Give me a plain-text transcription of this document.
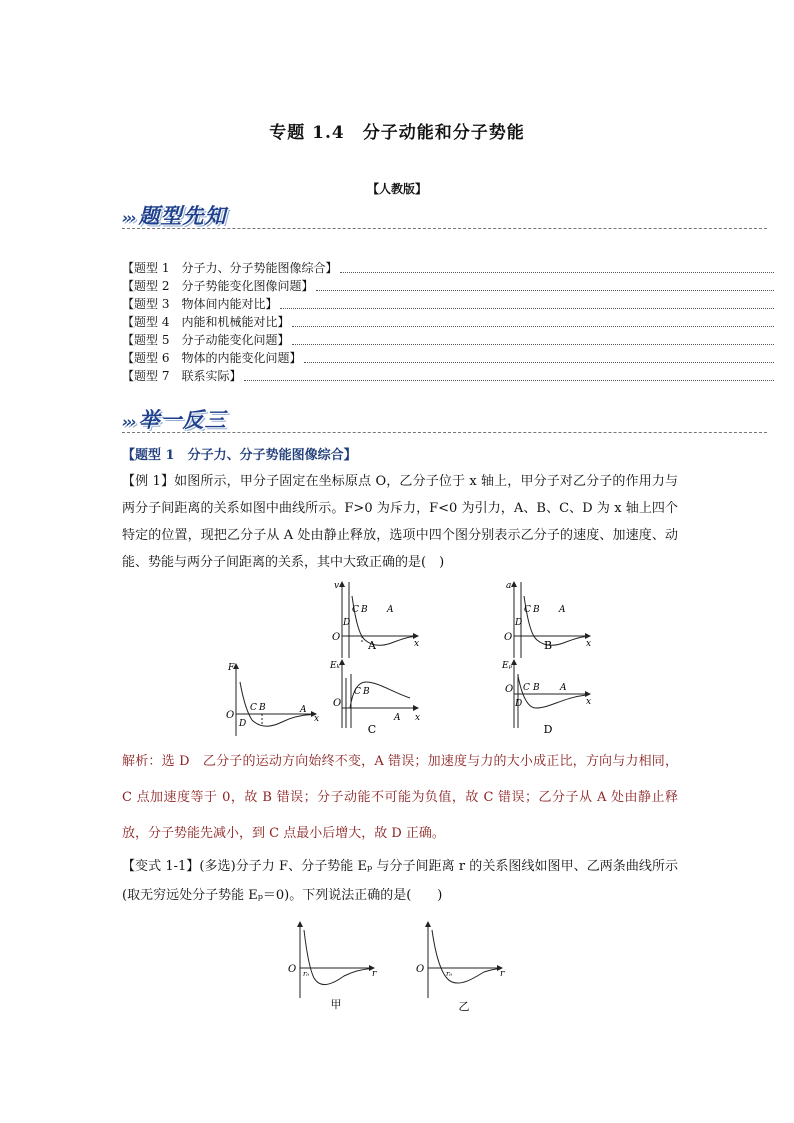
专题 1.4　分子动能和分子势能
【人教版】
››› 题型先知
【题型 1　分子力、分子势能图像综合】
【题型 2　分子势能变化图像问题】
【题型 3　物体间内能对比】
【题型 4　内能和机械能对比】
【题型 5　分子动能变化问题】
【题型 6　物体的内能变化问题】
【题型 7　联系实际】
››› 举一反三
【题型 1　分子力、分子势能图像综合】
【例 1】如图所示，甲分子固定在坐标原点 O，乙分子位于 x 轴上，甲分子对乙分子的作用力与两分子间距离的关系如图中曲线所示。F>0 为斥力，F<0 为引力，A、B、C、D 为 x 轴上四个特定的位置，现把乙分子从 A 处由静止释放，选项中四个图分别表示乙分子的速度、加速度、动能、势能与两分子间距离的关系，其中大致正确的是(　)
v
O
x
C B A
D
A
a
O
x
C B A
D
B
F
O	x
C B	A
D
Eₖ
O
C B
A x
C
Eₚ
O C B A
D	x
D
解析：选 D　乙分子的运动方向始终不变，A 错误；加速度与力的大小成正比，方向与力相同，C 点加速度等于 0，故 B 错误；分子动能不可能为负值，故 C 错误；乙分子从 A 处由静止释放，分子势能先减小，到 C 点最小后增大，故 D 正确。
【变式 1-1】(多选)分子力 F、分子势能 Eₚ 与分子间距离 r 的关系图线如图甲、乙两条曲线所示(取无穷远处分子势能 Eₚ＝0)。下列说法正确的是(　　)
O	r
r₀
甲
O	r
r₀
乙
